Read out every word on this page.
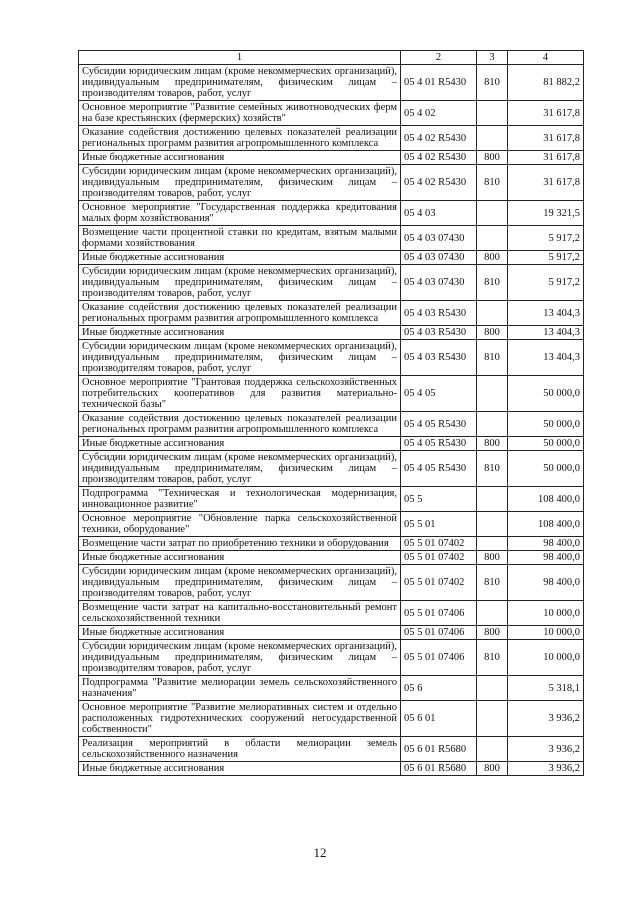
1	2	3	4
Субсидии юридическим лицам (кроме некоммерческих организаций), индивидуальным предпринимателям, физическим лицам – производителям товаров, работ, услуг	05 4 01 R5430	810	81 882,2
Основное мероприятие "Развитие семейных животноводческих ферм на базе крестьянских (фермерских) хозяйств"	05 4 02		31 617,8
Оказание содействия достижению целевых показателей реализации региональных программ развития агропромышленного комплекса	05 4 02 R5430		31 617,8
Иные бюджетные ассигнования	05 4 02 R5430	800	31 617,8
Субсидии юридическим лицам (кроме некоммерческих организаций), индивидуальным предпринимателям, физическим лицам – производителям товаров, работ, услуг	05 4 02 R5430	810	31 617,8
Основное мероприятие "Государственная поддержка кредитования малых форм хозяйствования"	05 4 03		19 321,5
Возмещение части процентной ставки по кредитам, взятым малыми формами хозяйствования	05 4 03 07430		5 917,2
Иные бюджетные ассигнования	05 4 03 07430	800	5 917,2
Субсидии юридическим лицам (кроме некоммерческих организаций), индивидуальным предпринимателям, физическим лицам – производителям товаров, работ, услуг	05 4 03 07430	810	5 917,2
Оказание содействия достижению целевых показателей реализации региональных программ развития агропромышленного комплекса	05 4 03 R5430		13 404,3
Иные бюджетные ассигнования	05 4 03 R5430	800	13 404,3
Субсидии юридическим лицам (кроме некоммерческих организаций), индивидуальным предпринимателям, физическим лицам – производителям товаров, работ, услуг	05 4 03 R5430	810	13 404,3
Основное мероприятие "Грантовая поддержка сельскохозяйственных потребительских кооперативов для развития материально-технической базы"	05 4 05		50 000,0
Оказание содействия достижению целевых показателей реализации региональных программ развития агропромышленного комплекса	05 4 05 R5430		50 000,0
Иные бюджетные ассигнования	05 4 05 R5430	800	50 000,0
Субсидии юридическим лицам (кроме некоммерческих организаций), индивидуальным предпринимателям, физическим лицам – производителям товаров, работ, услуг	05 4 05 R5430	810	50 000,0
Подпрограмма "Техническая и технологическая модернизация, инновационное развитие"	05 5		108 400,0
Основное мероприятие "Обновление парка сельскохозяйственной техники, оборудование"	05 5 01		108 400,0
Возмещение части затрат по приобретению техники и оборудования	05 5 01 07402		98 400,0
Иные бюджетные ассигнования	05 5 01 07402	800	98 400,0
Субсидии юридическим лицам (кроме некоммерческих организаций), индивидуальным предпринимателям, физическим лицам – производителям товаров, работ, услуг	05 5 01 07402	810	98 400,0
Возмещение части затрат на капитально-восстановительный ремонт сельскохозяйственной техники	05 5 01 07406		10 000,0
Иные бюджетные ассигнования	05 5 01 07406	800	10 000,0
Субсидии юридическим лицам (кроме некоммерческих организаций), индивидуальным предпринимателям, физическим лицам – производителям товаров, работ, услуг	05 5 01 07406	810	10 000,0
Подпрограмма "Развитие мелиорации земель сельскохозяйственного назначения"	05 6		5 318,1
Основное мероприятие "Развитие мелиоративных систем и отдельно расположенных гидротехнических сооружений негосударственной собственности"	05 6 01		3 936,2
Реализация мероприятий в области мелиорации земель сельскохозяйственного назначения	05 6 01 R5680		3 936,2
Иные бюджетные ассигнования	05 6 01 R5680	800	3 936,2
12
